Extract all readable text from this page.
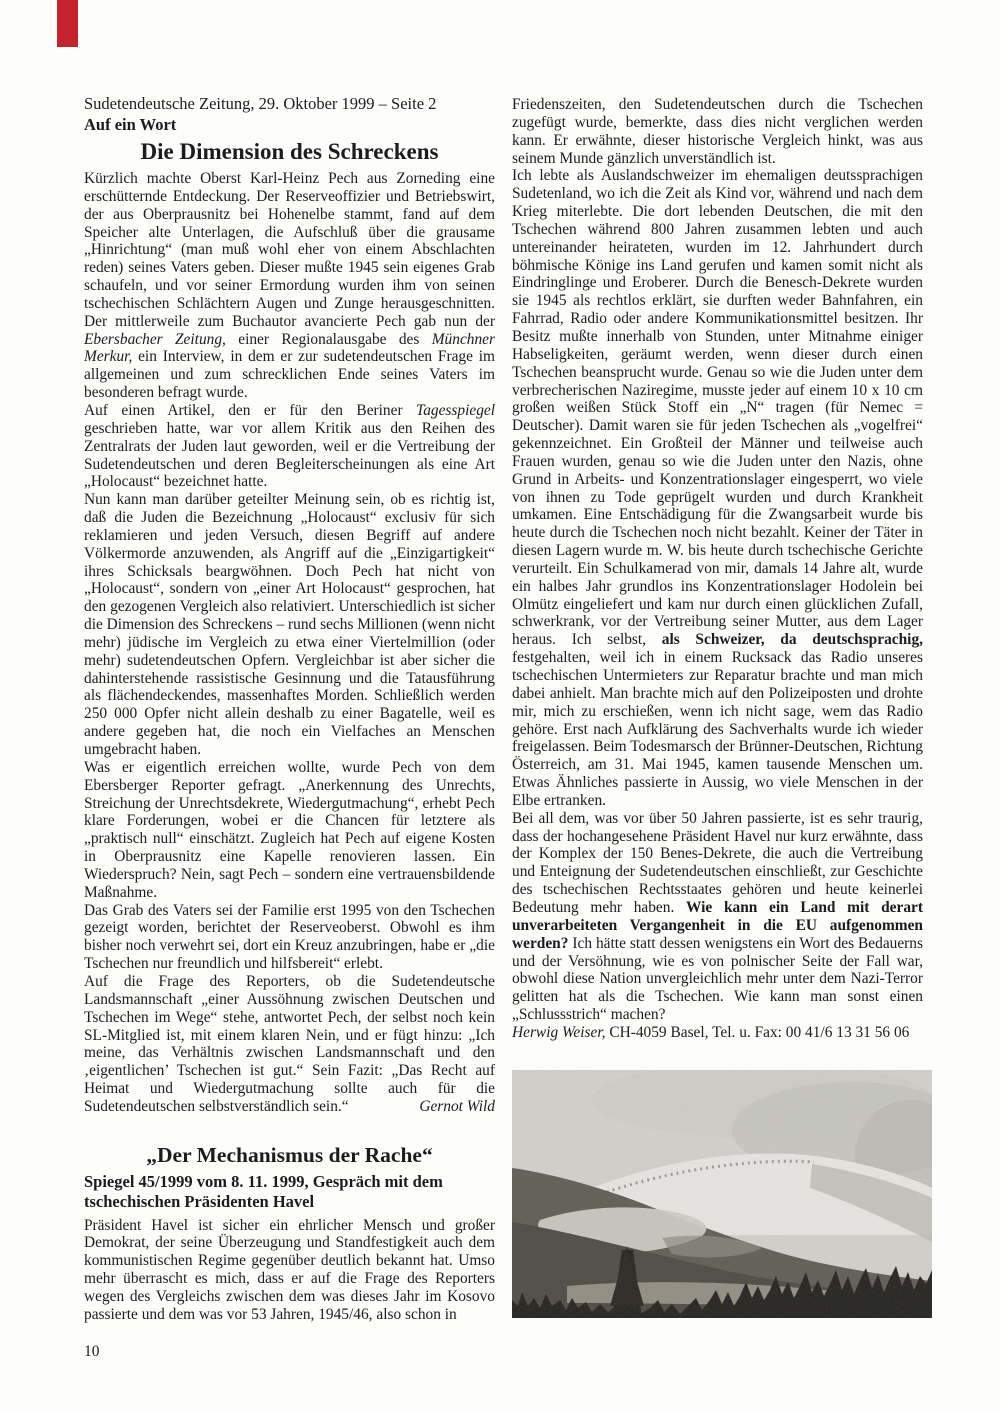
Sudetendeutsche Zeitung, 29. Oktober 1999 – Seite 2
Auf ein Wort
Die Dimension des Schreckens

Kürzlich machte Oberst Karl-Heinz Pech aus Zorneding eine erschütternde Entdeckung. Der Reserveoffizier und Betriebswirt, der aus Oberprausnitz bei Hohenelbe stammt, fand auf dem Speicher alte Unterlagen, die Aufschluß über die grausame „Hinrichtung“ (man muß wohl eher von einem Abschlachten reden) seines Vaters geben. Dieser mußte 1945 sein eigenes Grab schaufeln, und vor seiner Ermordung wurden ihm von seinen tschechischen Schlächtern Augen und Zunge herausgeschnitten. Der mittlerweile zum Buchautor avancierte Pech gab nun der Ebersbacher Zeitung, einer Regionalausgabe des Münchner Merkur, ein Interview, in dem er zur sudetendeutschen Frage im allgemeinen und zum schrecklichen Ende seines Vaters im besonderen befragt wurde.

Auf einen Artikel, den er für den Beriner Tagesspiegel geschrieben hatte, war vor allem Kritik aus den Reihen des Zentralrats der Juden laut geworden, weil er die Vertreibung der Sudetendeutschen und deren Begleiterscheinungen als eine Art „Holocaust“ bezeichnet hatte.

Nun kann man darüber geteilter Meinung sein, ob es richtig ist, daß die Juden die Bezeichnung „Holocaust“ exclusiv für sich reklamieren und jeden Versuch, diesen Begriff auf andere Völkermorde anzuwenden, als Angriff auf die „Einzigartigkeit“ ihres Schicksals beargwöhnen. Doch Pech hat nicht von „Holocaust“, sondern von „einer Art Holocaust“ gesprochen, hat den gezogenen Vergleich also relativiert. Unterschiedlich ist sicher die Dimension des Schreckens – rund sechs Millionen (wenn nicht mehr) jüdische im Vergleich zu etwa einer Viertelmillion (oder mehr) sudetendeutschen Opfern. Vergleichbar ist aber sicher die dahinterstehende rassistische Gesinnung und die Tatausführung als flächendeckendes, massenhaftes Morden. Schließlich werden 250 000 Opfer nicht allein deshalb zu einer Bagatelle, weil es andere gegeben hat, die noch ein Vielfaches an Menschen umgebracht haben.

Was er eigentlich erreichen wollte, wurde Pech von dem Ebersberger Reporter gefragt. „Anerkennung des Unrechts, Streichung der Unrechtsdekrete, Wiedergutmachung“, erhebt Pech klare Forderungen, wobei er die Chancen für letztere als „praktisch null“ einschätzt. Zugleich hat Pech auf eigene Kosten in Oberprausnitz eine Kapelle renovieren lassen. Ein Wiederspruch? Nein, sagt Pech – sondern eine vertrauensbildende Maßnahme.

Das Grab des Vaters sei der Familie erst 1995 von den Tschechen gezeigt worden, berichtet der Reserveoberst. Obwohl es ihm bisher noch verwehrt sei, dort ein Kreuz anzubringen, habe er „die Tschechen nur freundlich und hilfsbereit“ erlebt.

Auf die Frage des Reporters, ob die Sudetendeutsche Landsmannschaft „einer Aussöhnung zwischen Deutschen und Tschechen im Wege“ stehe, antwortet Pech, der selbst noch kein SL-Mitglied ist, mit einem klaren Nein, und er fügt hinzu: „Ich meine, das Verhältnis zwischen Landsmannschaft und den ‚eigentlichen’ Tschechen ist gut.“ Sein Fazit: „Das Recht auf Heimat und Wiedergutmachung sollte auch für die Sudetendeutschen selbstverständlich sein.“	Gernot Wild
„Der Mechanismus der Rache“
Spiegel 45/1999 vom 8. 11. 1999, Gespräch mit dem tschechischen Präsidenten Havel

Präsident Havel ist sicher ein ehrlicher Mensch und großer Demokrat, der seine Überzeugung und Standfestigkeit auch dem kommunistischen Regime gegenüber deutlich bekannt hat. Umso mehr überrascht es mich, dass er auf die Frage des Reporters wegen des Vergleichs zwischen dem was dieses Jahr im Kosovo passierte und dem was vor 53 Jahren, 1945/46, also schon in

Friedenszeiten, den Sudetendeutschen durch die Tschechen zugefügt wurde, bemerkte, dass dies nicht verglichen werden kann. Er erwähnte, dieser historische Vergleich hinkt, was aus seinem Munde gänzlich unverständlich ist.

Ich lebte als Auslandschweizer im ehemaligen deutssprachigen Sudetenland, wo ich die Zeit als Kind vor, während und nach dem Krieg miterlebte. Die dort lebenden Deutschen, die mit den Tschechen während 800 Jahren zusammen lebten und auch untereinander heirateten, wurden im 12. Jahrhundert durch böhmische Könige ins Land gerufen und kamen somit nicht als Eindringlinge und Eroberer. Durch die Benesch-Dekrete wurden sie 1945 als rechtlos erklärt, sie durften weder Bahnfahren, ein Fahrrad, Radio oder andere Kommunikationsmittel besitzen. Ihr Besitz mußte innerhalb von Stunden, unter Mitnahme einiger Habseligkeiten, geräumt werden, wenn dieser durch einen Tschechen beansprucht wurde. Genau so wie die Juden unter dem verbrecherischen Naziregime, musste jeder auf einem 10 x 10 cm großen weißen Stück Stoff ein „N“ tragen (für Nemec = Deutscher). Damit waren sie für jeden Tschechen als „vogelfrei“ gekennzeichnet. Ein Großteil der Männer und teilweise auch Frauen wurden, genau so wie die Juden unter den Nazis, ohne Grund in Arbeits- und Konzentrationslager eingesperrt, wo viele von ihnen zu Tode geprügelt wurden und durch Krankheit umkamen. Eine Entschädigung für die Zwangsarbeit wurde bis heute durch die Tschechen noch nicht bezahlt. Keiner der Täter in diesen Lagern wurde m. W. bis heute durch tschechische Gerichte verurteilt. Ein Schulkamerad von mir, damals 14 Jahre alt, wurde ein halbes Jahr grundlos ins Konzentrationslager Hodolein bei Olmütz eingeliefert und kam nur durch einen glücklichen Zufall, schwerkrank, vor der Vertreibung seiner Mutter, aus dem Lager heraus. Ich selbst, als Schweizer, da deutschsprachig, festgehalten, weil ich in einem Rucksack das Radio unseres tschechischen Untermieters zur Reparatur brachte und man mich dabei anhielt. Man brachte mich auf den Polizeiposten und drohte mir, mich zu erschießen, wenn ich nicht sage, wem das Radio gehöre. Erst nach Aufklärung des Sachverhalts wurde ich wieder freigelassen. Beim Todesmarsch der Brünner-Deutschen, Richtung Österreich, am 31. Mai 1945, kamen tausende Menschen um. Etwas Ähnliches passierte in Aussig, wo viele Menschen in der Elbe ertranken.

Bei all dem, was vor über 50 Jahren passierte, ist es sehr traurig, dass der hochangesehene Präsident Havel nur kurz erwähnte, dass der Komplex der 150 Benes-Dekrete, die auch die Vertreibung und Enteignung der Sudetendeutschen einschließt, zur Geschichte des tschechischen Rechtsstaates gehören und heute keinerlei Bedeutung mehr haben. Wie kann ein Land mit derart unverarbeiteten Vergangenheit in die EU aufgenommen werden? Ich hätte statt dessen wenigstens ein Wort des Bedauerns und der Versöhnung, wie es von polnischer Seite der Fall war, obwohl diese Nation unvergleichlich mehr unter dem Nazi-Terror gelitten hat als die Tschechen. Wie kann man sonst einen „Schlussstrich“ machen?

Herwig Weiser, CH-4059 Basel, Tel. u. Fax: 00 41/6 13 31 56 06

10
